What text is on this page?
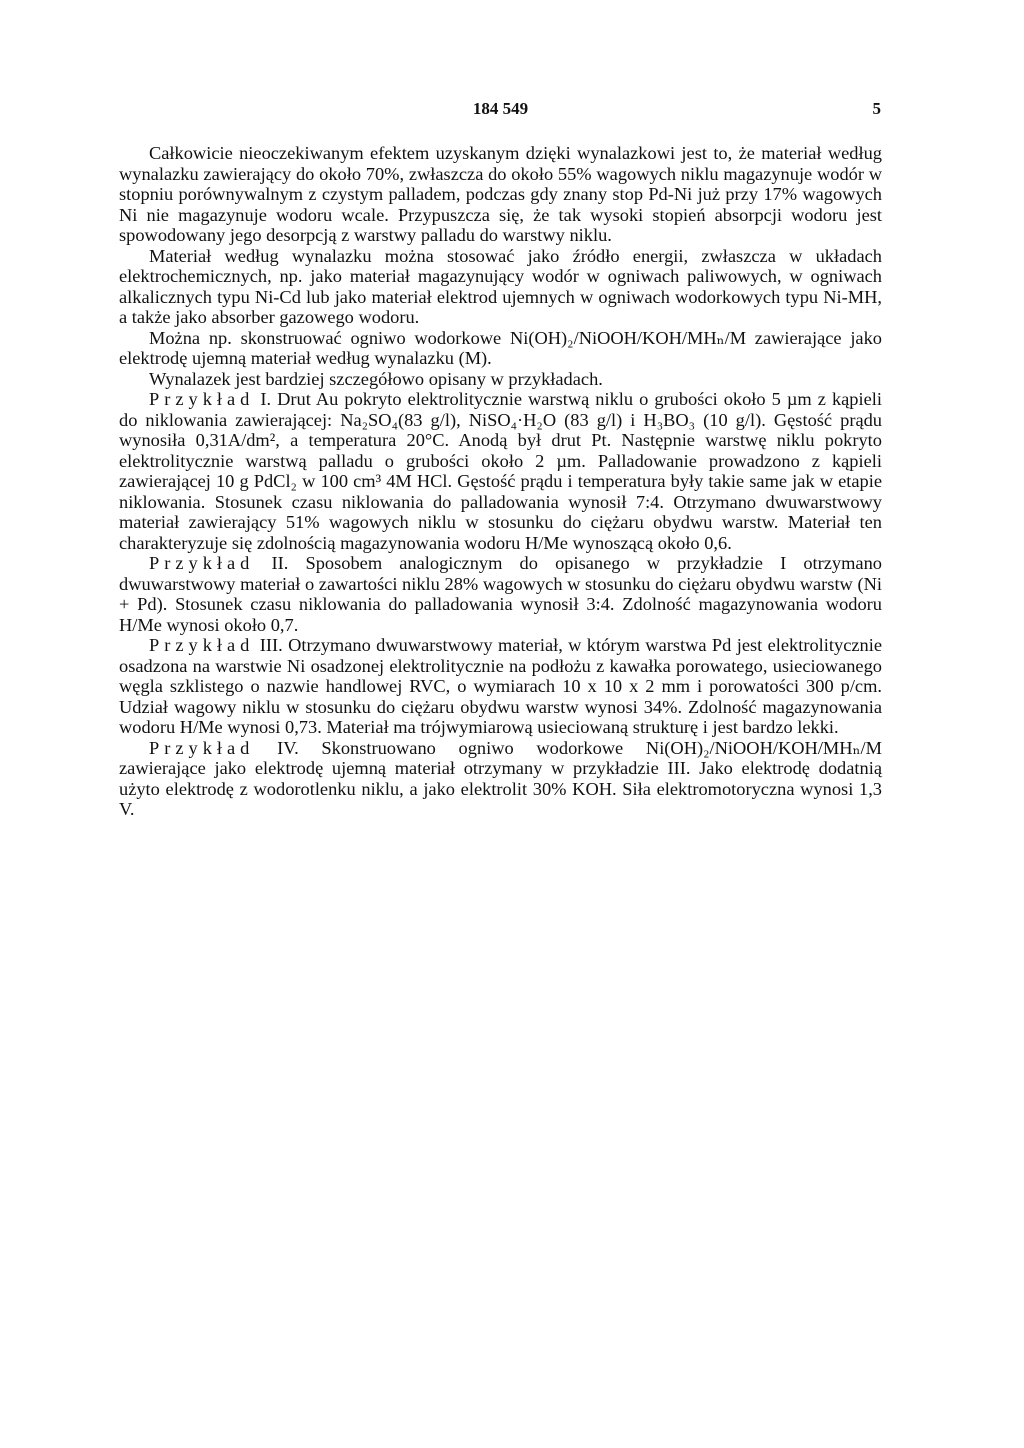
184 549	5

Całkowicie nieoczekiwanym efektem uzyskanym dzięki wynalazkowi jest to, że materiał według wynalazku zawierający do około 70%, zwłaszcza do około 55% wagowych niklu magazynuje wodór w stopniu porównywalnym z czystym palladem, podczas gdy znany stop Pd-Ni już przy 17% wagowych Ni nie magazynuje wodoru wcale. Przypuszcza się, że tak wysoki stopień absorpcji wodoru jest spowodowany jego desorpcją z warstwy palladu do warstwy niklu.

Materiał według wynalazku można stosować jako źródło energii, zwłaszcza w układach elektrochemicznych, np. jako materiał magazynujący wodór w ogniwach paliwowych, w ogniwach alkalicznych typu Ni-Cd lub jako materiał elektrod ujemnych w ogniwach wodorkowych typu Ni-MH, a także jako absorber gazowego wodoru.

Można np. skonstruować ogniwo wodorkowe Ni(OH)₂/NiOOH/KOH/MHₙ/M zawierające jako elektrodę ujemną materiał według wynalazku (M).

Wynalazek jest bardziej szczegółowo opisany w przykładach.

Przykład I. Drut Au pokryto elektrolitycznie warstwą niklu o grubości około 5 µm z kąpieli do niklowania zawierającej: Na₂SO₄(83 g/l), NiSO₄·H₂O (83 g/l) i H₃BO₃ (10 g/l). Gęstość prądu wynosiła 0,31A/dm², a temperatura 20°C. Anodą był drut Pt. Następnie warstwę niklu pokryto elektrolitycznie warstwą palladu o grubości około 2 µm. Palladowanie prowadzono z kąpieli zawierającej 10 g PdCl₂ w 100 cm³ 4M HCl. Gęstość prądu i temperatura były takie same jak w etapie niklowania. Stosunek czasu niklowania do palladowania wynosił 7:4. Otrzymano dwuwarstwowy materiał zawierający 51% wagowych niklu w stosunku do ciężaru obydwu warstw. Materiał ten charakteryzuje się zdolnością magazynowania wodoru H/Me wynoszącą około 0,6.

Przykład II. Sposobem analogicznym do opisanego w przykładzie I otrzymano dwuwarstwowy materiał o zawartości niklu 28% wagowych w stosunku do ciężaru obydwu warstw (Ni + Pd). Stosunek czasu niklowania do palladowania wynosił 3:4. Zdolność magazynowania wodoru H/Me wynosi około 0,7.

Przykład III. Otrzymano dwuwarstwowy materiał, w którym warstwa Pd jest elektrolitycznie osadzona na warstwie Ni osadzonej elektrolitycznie na podłożu z kawałka porowatego, usieciowanego węgla szklistego o nazwie handlowej RVC, o wymiarach 10 x 10 x 2 mm i porowatości 300 p/cm. Udział wagowy niklu w stosunku do ciężaru obydwu warstw wynosi 34%. Zdolność magazynowania wodoru H/Me wynosi 0,73. Materiał ma trójwymiarową usieciowaną strukturę i jest bardzo lekki.

Przykład IV. Skonstruowano ogniwo wodorkowe Ni(OH)₂/NiOOH/KOH/MHₙ/M zawierające jako elektrodę ujemną materiał otrzymany w przykładzie III. Jako elektrodę dodatnią użyto elektrodę z wodorotlenku niklu, a jako elektrolit 30% KOH. Siła elektromotoryczna wynosi 1,3 V.
